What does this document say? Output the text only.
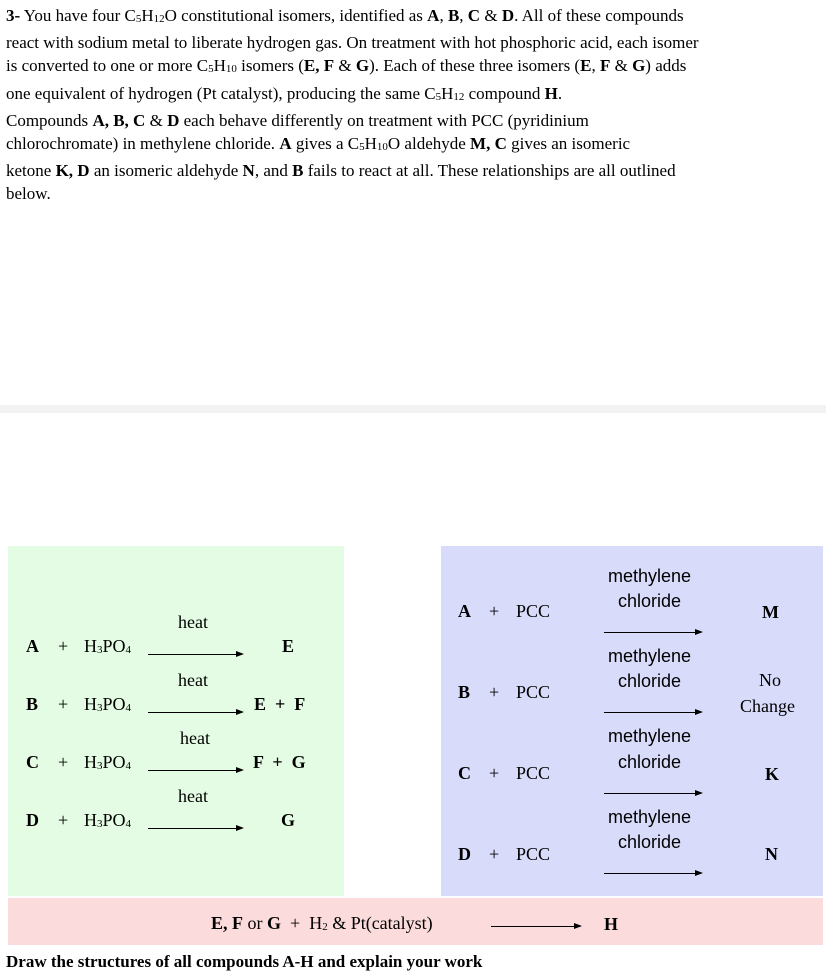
3- You have four C5H12O constitutional isomers, identified as A, B, C & D. All of these compounds
react with sodium metal to liberate hydrogen gas. On treatment with hot phosphoric acid, each isomer
is converted to one or more C5H10 isomers (E, F & G). Each of these three isomers (E, F & G) adds
one equivalent of hydrogen (Pt catalyst), producing the same C5H12 compound H.
Compounds A, B, C & D each behave differently on treatment with PCC (pyridinium
chlorochromate) in methylene chloride. A gives a C5H10O aldehyde M, C gives an isomeric
ketone K, D an isomeric aldehyde N, and B fails to react at all. These relationships are all outlined
below.
A + H3PO4
heat
E
B + H3PO4
heat
E  +  F
C + H3PO4
heat
F  +  G
D + H3PO4
heat
G
A + PCC
methylene
chloride
M
B + PCC
methylene
chloride	No
Change
C + PCC
methylene
chloride
K
D + PCC
methylene
chloride
N
E, F or G + H2 & Pt(catalyst)	H
Draw the structures of all compounds A-H and explain your work
